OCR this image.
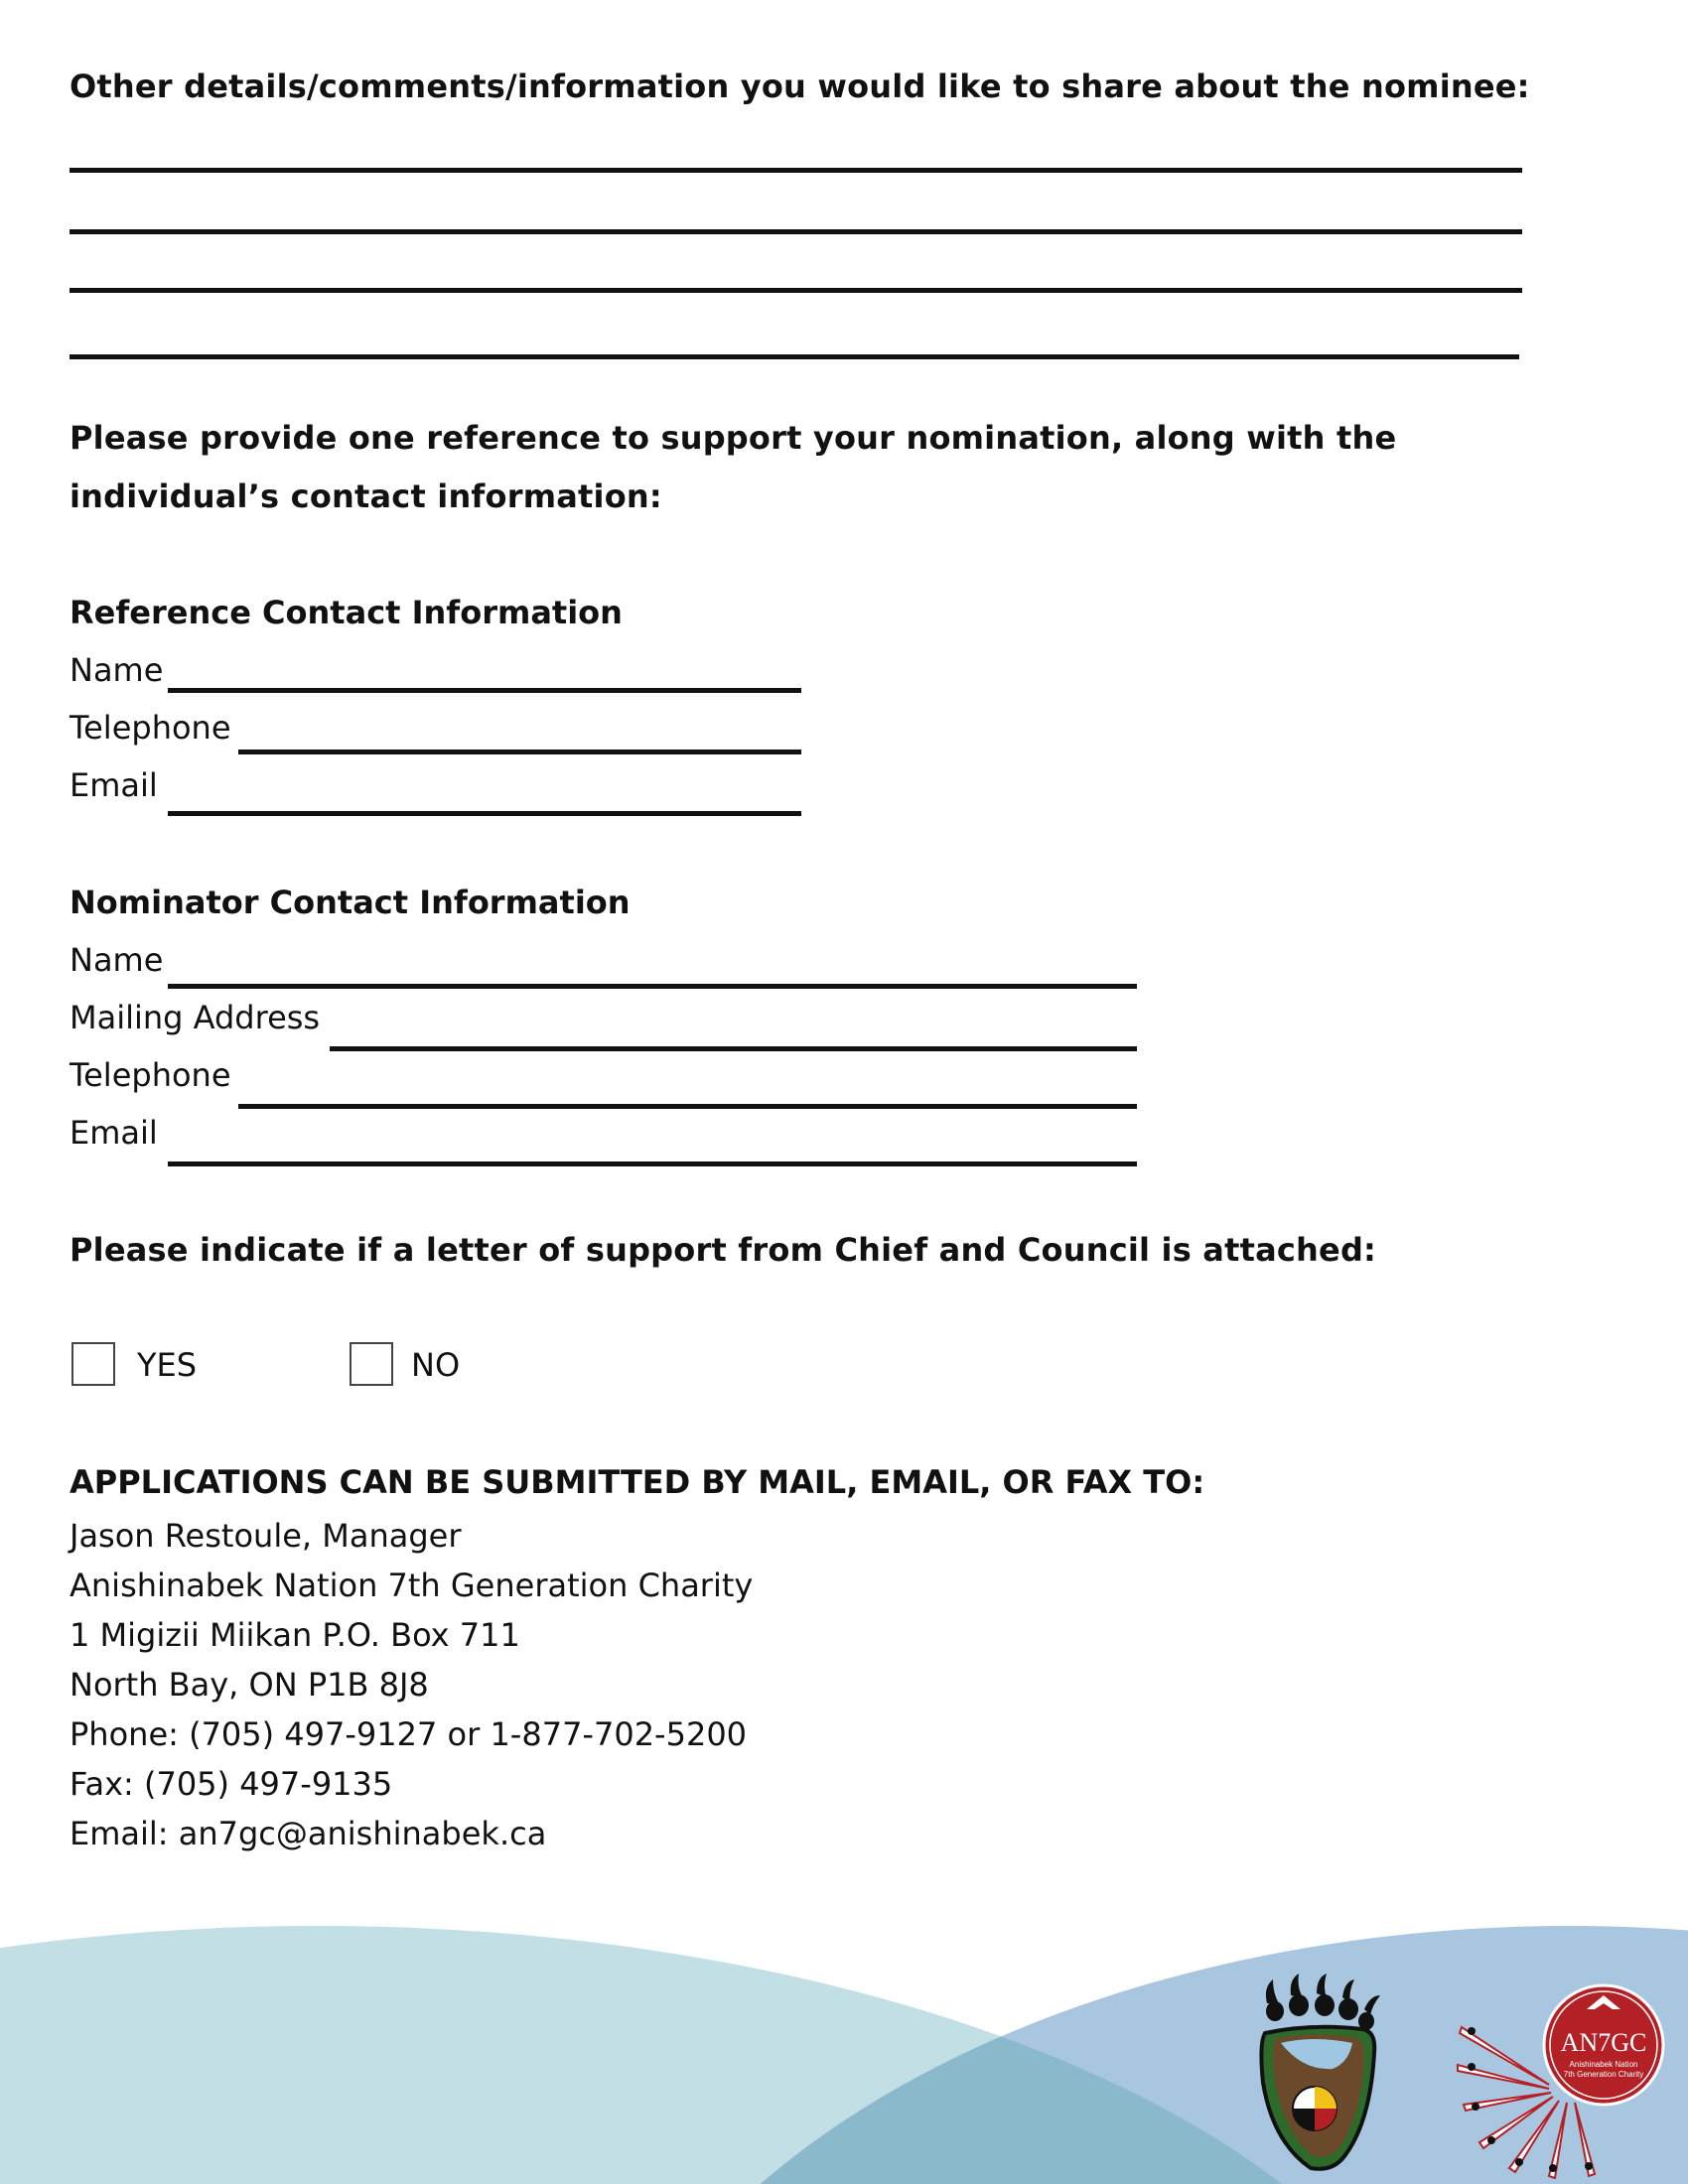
Other details/comments/information you would like to share about the nominee:
Please provide one reference to support your nomination, along with the
individual’s contact information:
Reference Contact Information
Name
Telephone
Email
Nominator Contact Information
Name
Mailing Address
Telephone
Email
Please indicate if a letter of support from Chief and Council is attached:
YES	NO
APPLICATIONS CAN BE SUBMITTED BY MAIL, EMAIL, OR FAX TO:
Jason Restoule, Manager
Anishinabek Nation 7th Generation Charity
1 Migizii Miikan P.O. Box 711
North Bay, ON P1B 8J8
Phone: (705) 497-9127 or 1-877-702-5200
Fax: (705) 497-9135
Email: an7gc@anishinabek.ca
AN7GC
Anishinabek Nation
7th Generation Charity
